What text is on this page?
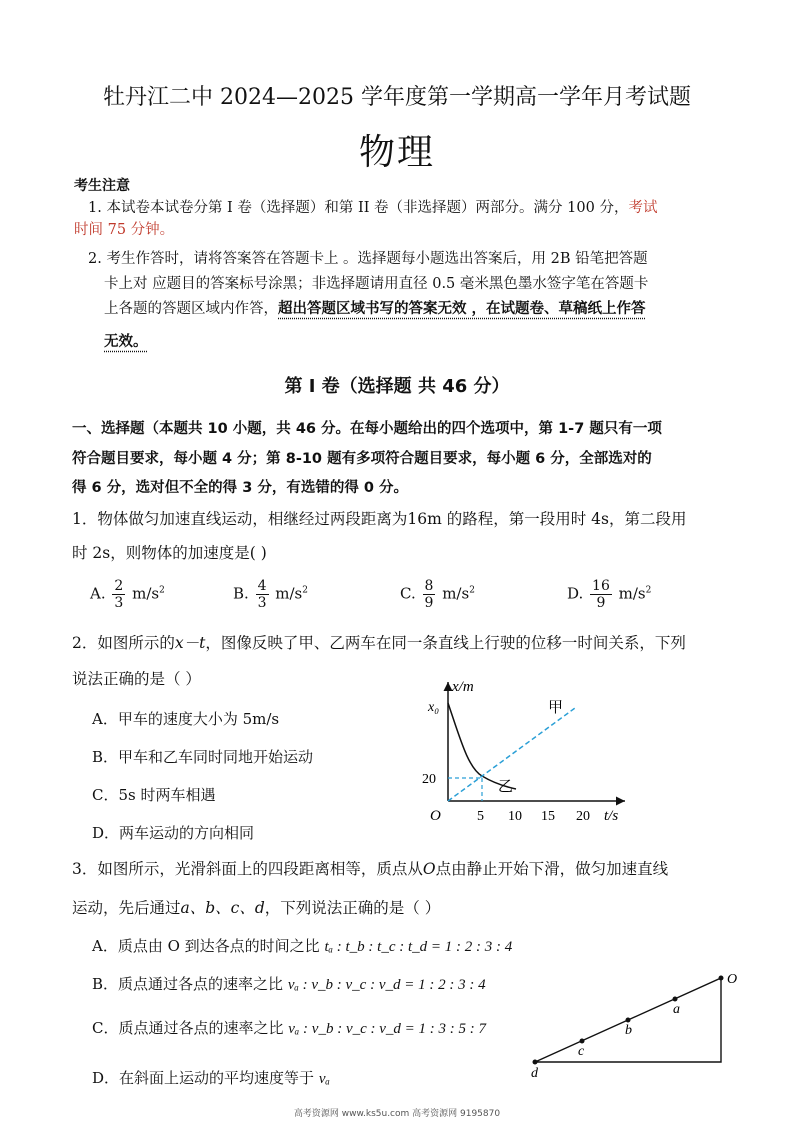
牡丹江二中 2024—2025 学年度第一学期高一学年月考试题
物理
考生注意
1. 本试卷本试卷分第 I 卷（选择题）和第 II 卷（非选择题）两部分。满分 100 分，考试
时间 75 分钟。
2. 考生作答时，请将答案答在答题卡上 。选择题每小题选出答案后，用 2B 铅笔把答题
卡上对 应题目的答案标号涂黑；非选择题请用直径 0.5 毫米黑色墨水签字笔在答题卡
上各题的答题区域内作答，超出答题区域书写的答案无效 ，在试题卷、草稿纸上作答
无效。
第 I 卷（选择题 共 46 分）
一、选择题（本题共 10 小题，共 46 分。在每小题给出的四个选项中，第 1-7 题只有一项
符合题目要求，每小题 4 分；第 8-10 题有多项符合题目要求，每小题 6 分，全部选对的
得 6 分，选对但不全的得 3 分，有选错的得 0 分。
1．物体做匀加速直线运动，相继经过两段距离为16m 的路程，第一段用时 4s，第二段用
时 2s，则物体的加速度是( )
A. $\frac{2}{3} m/s^2$	B. $\frac{4}{3} m/s^2$	C. $\frac{8}{9} m/s^2$	D. $\frac{16}{9} m/s^2$
2．如图所示的x－t，图像反映了甲、乙两车在同一条直线上行驶的位移一时间关系，下列
说法正确的是（ ）
A．甲车的速度大小为 5m/s
B．甲车和乙车同时同地开始运动
C．5s 时两车相遇
D．两车运动的方向相同
x/m
x₀
20
O	5 10 15 20 t/s
甲
乙
3．如图所示，光滑斜面上的四段距离相等，质点从O点由静止开始下滑，做匀加速直线
运动，先后通过a、b、c、d，下列说法正确的是（ ）
A．质点由 O 到达各点的时间之比 tₐ : t_b : t_c : t_d = 1 : 2 : 3 : 4
B．质点通过各点的速率之比 vₐ : v_b : v_c : v_d = 1 : 2 : 3 : 4
C．质点通过各点的速率之比 vₐ : v_b : v_c : v_d = 1 : 3 : 5 : 7
D．在斜面上运动的平均速度等于 vₐ
O
a
b
c
d
高考资源网 www.ks5u.com 高考资源网 9195870
